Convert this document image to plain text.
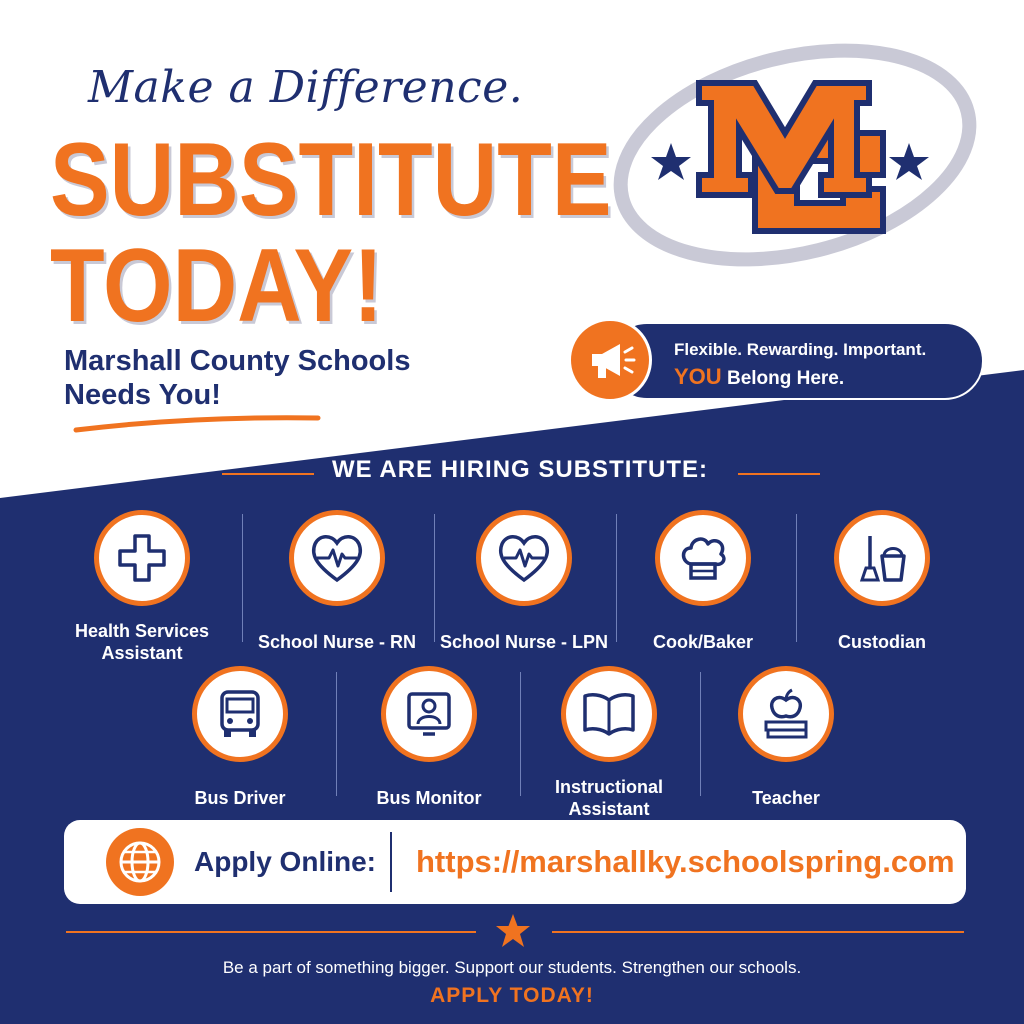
Make a Difference.
SUBSTITUTE
TODAY!
Marshall County Schools
Needs You!
Flexible. Rewarding. Important.
YOU Belong Here.
WE ARE HIRING SUBSTITUTE:
Health Services Assistant
School Nurse - RN	School Nurse - LPN	Cook/Baker	Custodian
Bus Driver	Bus Monitor
Instructional Assistant
Teacher
Apply Online: https://marshallky.schoolspring.com
Be a part of something bigger. Support our students. Strengthen our schools.
APPLY TODAY!
